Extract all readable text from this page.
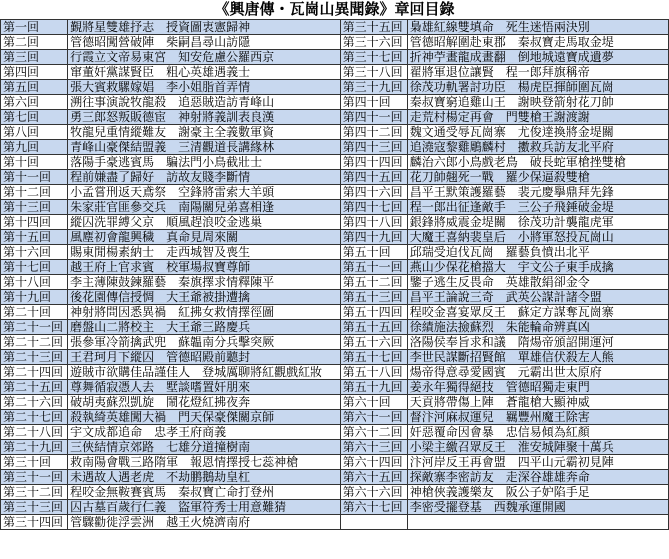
《興唐傳・瓦崗山異聞錄》章回目錄
第一回	覲將星雙雄抒志　授資圖衷憲歸神	第三十五回	梟雄紅線雙填命　死生迷悟兩決別
第二回	管德昭闖營破陣　柴嗣昌尋山訪隱	第三十六回	管德昭解圍赴東郡　秦叔寶走馬取金堤
第三回	行霞立文帝易東宮　知安危慮公羅西京	第三十七回	折神苧畫龍成畫翻　倒地城遠寶成遺夢
第四回	窜董奸黨謀賢臣　粗心英雄遇義士	第三十八回	翟將軍退位讓賢　程一郎拜旗稱帝
第五回	張大賓救騾嫁娼　李小姐脂首弄情	第三十九回	徐茂功軌署討功臣　楊虎臣揮師圍瓦崗
第六回	溯往事演說牧龍殺　追惡賊造訪青峰山	第四十回	秦叔寶窮追雞山王　謝映登箭射花刀帥
第七回	勇三郎怒叛販德宦　神射將義訓表良漢	第四十一回	走荒村楊定再會　門雙槍王謝渡謝
第八回	牧龍兒重情縱難友　謝豪主全義數軍資	第四十二回	魏文通受辱瓦崗寨　尤俊達換將金堤關
第九回	青峰山豪傑結盟義　三清觀道長講緣林	第四十三回	追澆寇黎雞鵰麟村　擻救兵訪友北平府
第十回	落陽手豪逃賓馬　騙法門小鳥截壯士	第四十四回	麟治六郎小鳥戲老鳥　破長蛇軍槍挫雙槍
第十一回	程前嫌盡了歸好　訪故友賤李斷情	第四十五回	花刀帥翹死一戰　羅少保逼殺雙槍
第十二回	小孟嘗刑返天鳶祭　空鋒將雷索大羊頭	第四十六回	昌平王默策護羅藝　裴元慶擧鼎拜先鋒
第十三回	朱家莊官匪參交兵　南陽關兒弟喜相逢	第四十七回	程一郎出征逢敵手　三公子飛錘破金堤
第十四回	縱囚洗罪縛父京　順風趕浪咬金逃巢	第四十八回	銀鋒將威震金堤關　徐茂功計襲龍虎軍
第十五回	風塵初會龍興穢　真命見周來關	第四十九回	大魔王喜納裴皇后　小將軍怒投瓦崗山
第十六回	賜東閒楊素納士　走西城智及喪生	第五十回	邱瑞受迫伐瓦崗　羅藝負憤出北平
第十七回	越王府上官求賓　校軍場叔寶尊師	第五十一回	燕山少保花槍擋大　宇文公子東手成擒
第十八回	李主薄陳鼓鍊羅藝　秦旗擇求情釋陳平	第五十二回	鑒子逃生反畏命　英雄散絹卻金令
第十九回	後花園傳信授惆　大王爺被掛遭擒	第五十三回	昌平王論說三奇　武英公謀計諸令盟
第二十回	神射將問因悉異禍　紅拂女救情擇徑圖	第五十四回	程咬金喜宴眾反王　蘇定方謀奪瓦崗寨
第二十一回	磨盤山二將校主　大王爺三路慶兵	第五十五回	徐績施法撿蘇烈　朱能輪命辨真凶
第二十二回	張參軍冷箭擒武兜　蘇韞南分兵擊突厥	第五十六回	洛陽侯奉旨求和議　隋煬帝頒詔開運河
第二十三回	王君珂月下縱囚　管德昭殿前聽封	第五十七回	李世民謀斷招賢館　單雄信伏殺左人熊
第二十四回	遊賊市欲購佳品謹佳人　登城厲聊將紅觀戲紅妝	第五十八回	煬帝得意尋愛國賓　元霸出世太原府
第二十五回	尊舞循寂憑人去　墅談嗜置奸朋來	第五十九回	姜永年獨得絕技　管德昭獨走東門
第二十六回	破胡夷蘇烈凱旋　鬧花燈紅拂夜奔	第六十回	天貢將帶傷上陣　蒼龍槍大顯神威
第二十七回	殺執綺英雄闖大禍　門天保豪傑關京師	第六十一回	督汴河麻叔運兒　羈豐州魔王除害
第二十八回	宇文成都追命　忠孝王府商義	第六十二回	奸惡覆命因會暴　忠信易傾為紅顏
第二十九回	三俠結情京郊路　七雄分道撞樹南	第六十三回	小梁主繳召眾反王　淮安城陣聚十萬兵
第三十回	救南陽會戰三路隋軍　報恩情擇授七蕊神槍	第六十四回	汴河岸反王再會盟　四平山元霸初見陣
第三十一回	未遇故人遇老虎　不劫鹏鵝劫皇杠	第六十五回	探敵寨李密訪友　走深谷雄雄奔命
第三十二回	程咬金無鞍賽賓馬　秦叔寶亡命打登州	第六十六回	神槍俠義護樂友　阪公子妒陷手足
第三十三回	囚古墓百歲行仁義　盜軍符秀士用意難猜	第六十七回	李密受擺登基　西魏承運開國
第三十四回	管驟勸徙浮雲洲　越王火燒濟南府		
